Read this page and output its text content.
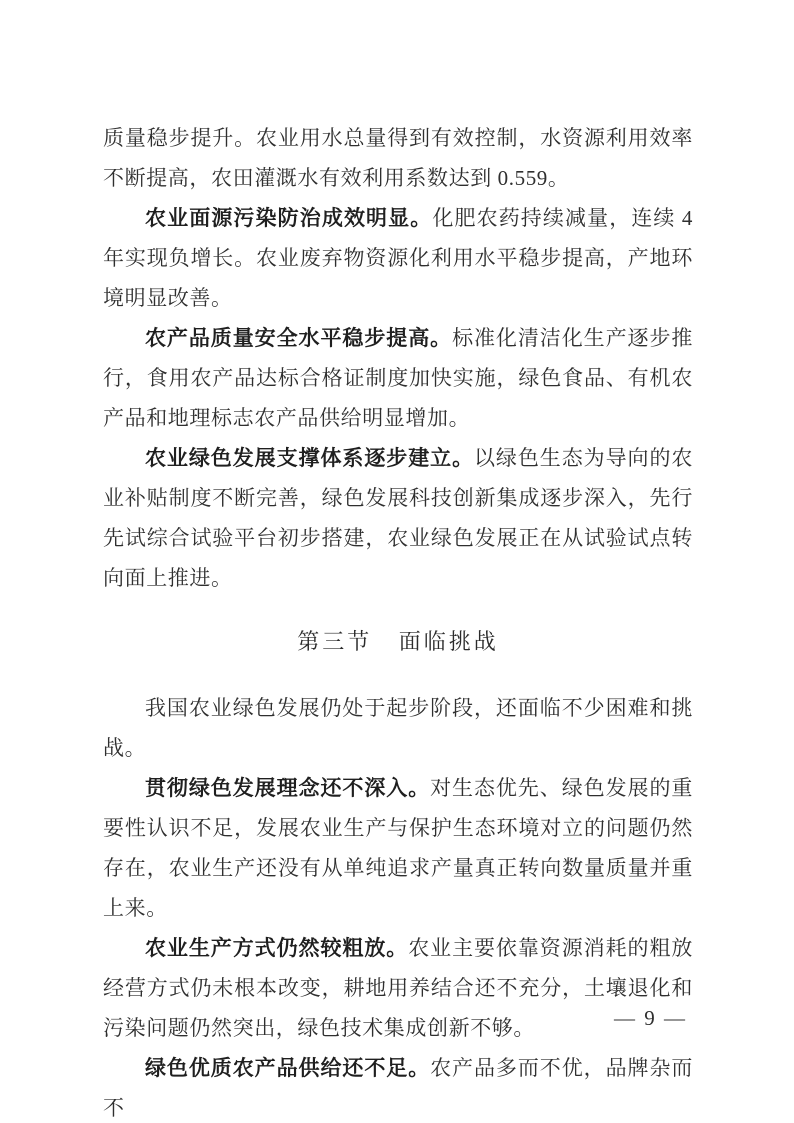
质量稳步提升。农业用水总量得到有效控制，水资源利用效率不断提高，农田灌溉水有效利用系数达到 0.559。

农业面源污染防治成效明显。化肥农药持续减量，连续 4 年实现负增长。农业废弃物资源化利用水平稳步提高，产地环境明显改善。

农产品质量安全水平稳步提高。标准化清洁化生产逐步推行，食用农产品达标合格证制度加快实施，绿色食品、有机农产品和地理标志农产品供给明显增加。

农业绿色发展支撑体系逐步建立。以绿色生态为导向的农业补贴制度不断完善，绿色发展科技创新集成逐步深入，先行先试综合试验平台初步搭建，农业绿色发展正在从试验试点转向面上推进。

第三节 面临挑战

我国农业绿色发展仍处于起步阶段，还面临不少困难和挑战。

贯彻绿色发展理念还不深入。对生态优先、绿色发展的重要性认识不足，发展农业生产与保护生态环境对立的问题仍然存在，农业生产还没有从单纯追求产量真正转向数量质量并重上来。

农业生产方式仍然较粗放。农业主要依靠资源消耗的粗放经营方式仍未根本改变，耕地用养结合还不充分，土壤退化和污染问题仍然突出，绿色技术集成创新不够。

绿色优质农产品供给还不足。农产品多而不优，品牌杂而不

— 9 —
